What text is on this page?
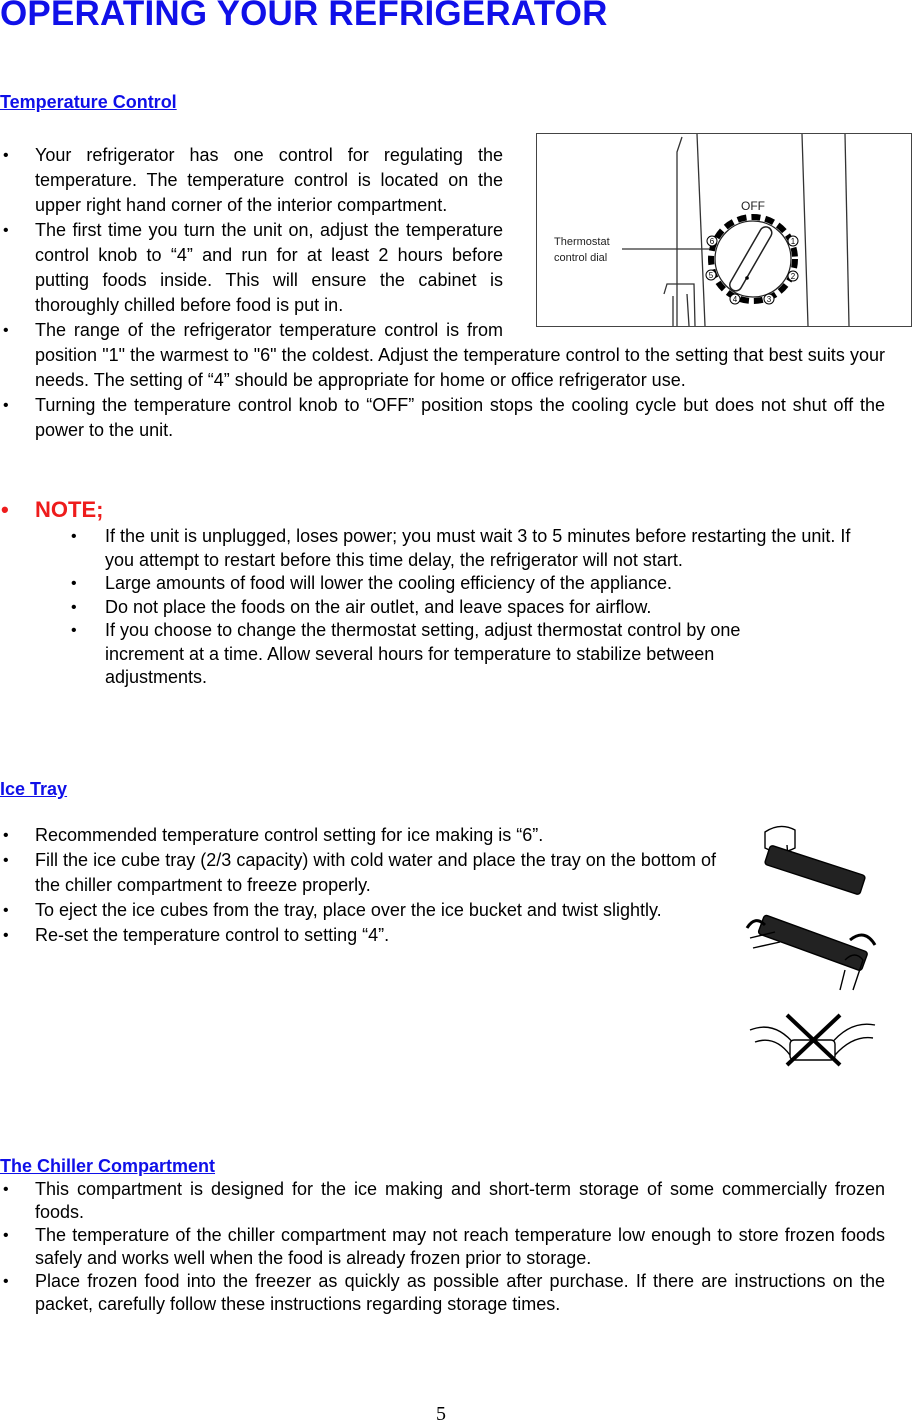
OPERATING YOUR REFRIGERATOR
Temperature Control
• Your refrigerator has one control for regulating the temperature. The temperature control is located on the upper right hand corner of the interior compartment.
• The first time you turn the unit on, adjust the temperature control knob to “4” and run for at least 2 hours before putting foods inside. This will ensure the cabinet is thoroughly chilled before food is put in.
• The range of the refrigerator temperature control is from position "1" the warmest to "6" the coldest. Adjust the temperature control to the setting that best suits your needs. The setting of “4” should be appropriate for home or office refrigerator use.
• Turning the temperature control knob to “OFF” position stops the cooling cycle but does not shut off the power to the unit.
6	1
5	2
4	3
OFF
Thermostat
control dial
• NOTE;
• If the unit is unplugged, loses power; you must wait 3 to 5 minutes before restarting the unit. If you attempt to restart before this time delay, the refrigerator will not start.
• Large amounts of food will lower the cooling efficiency of the appliance.
• Do not place the foods on the air outlet, and leave spaces for airflow.
• If you choose to change the thermostat setting, adjust thermostat control by one increment at a time. Allow several hours for temperature to stabilize between adjustments.
Ice Tray
• Recommended temperature control setting for ice making is “6”.
• Fill the ice cube tray (2/3 capacity) with cold water and place the tray on the bottom of the chiller compartment to freeze properly.
• To eject the ice cubes from the tray, place over the ice bucket and twist slightly.
• Re-set the temperature control to setting “4”.
The Chiller Compartment
• This compartment is designed for the ice making and short-term storage of some commercially frozen foods.
• The temperature of the chiller compartment may not reach temperature low enough to store frozen foods safely and works well when the food is already frozen prior to storage.
• Place frozen food into the freezer as quickly as possible after purchase. If there are instructions on the packet, carefully follow these instructions regarding storage times.
5
